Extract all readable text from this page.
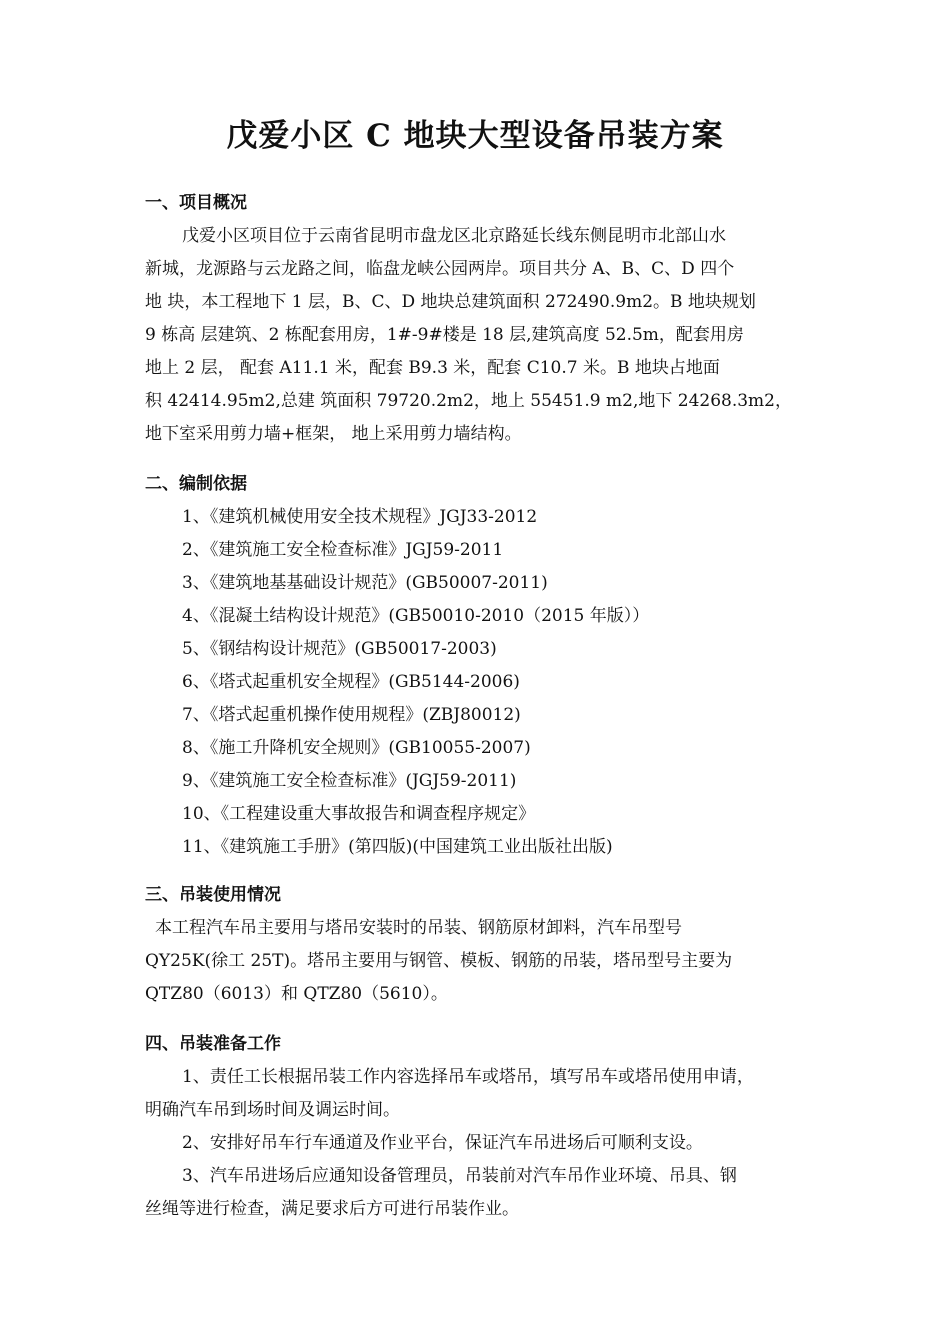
戊爱小区 C 地块大型设备吊装方案
一、项目概况
戊爱小区项目位于云南省昆明市盘龙区北京路延长线东侧昆明市北部山水
新城，龙源路与云龙路之间，临盘龙峡公园两岸。项目共分 A、B、C、D 四个
地 块，本工程地下 1 层，B、C、D 地块总建筑面积 272490.9m2。B 地块规划
9 栋高 层建筑、2 栋配套用房，1#-9#楼是 18 层,建筑高度 52.5m，配套用房
地上 2 层， 配套 A11.1 米，配套 B9.3 米，配套 C10.7 米。B 地块占地面
积 42414.95m2,总建 筑面积 79720.2m2，地上 55451.9 m2,地下 24268.3m2，
地下室采用剪力墙+框架， 地上采用剪力墙结构。
二、编制依据
1、《建筑机械使用安全技术规程》JGJ33-2012
2、《建筑施工安全检查标准》JGJ59-2011
3、《建筑地基基础设计规范》(GB50007-2011)
4、《混凝土结构设计规范》(GB50010-2010（2015 年版））
5、《钢结构设计规范》(GB50017-2003)
6、《塔式起重机安全规程》(GB5144-2006)
7、《塔式起重机操作使用规程》(ZBJ80012)
8、《施工升降机安全规则》(GB10055-2007)
9、《建筑施工安全检查标准》(JGJ59-2011)
10、《工程建设重大事故报告和调查程序规定》
11、《建筑施工手册》(第四版)(中国建筑工业出版社出版)
三、吊装使用情况
本工程汽车吊主要用与塔吊安装时的吊装、钢筋原材卸料，汽车吊型号
QY25K(徐工 25T)。塔吊主要用与钢管、模板、钢筋的吊装，塔吊型号主要为
QTZ80（6013）和 QTZ80（5610）。
四、吊装准备工作
1、责任工长根据吊装工作内容选择吊车或塔吊，填写吊车或塔吊使用申请，
明确汽车吊到场时间及调运时间。
2、安排好吊车行车通道及作业平台，保证汽车吊进场后可顺利支设。
3、汽车吊进场后应通知设备管理员，吊装前对汽车吊作业环境、吊具、钢
丝绳等进行检查，满足要求后方可进行吊装作业。
